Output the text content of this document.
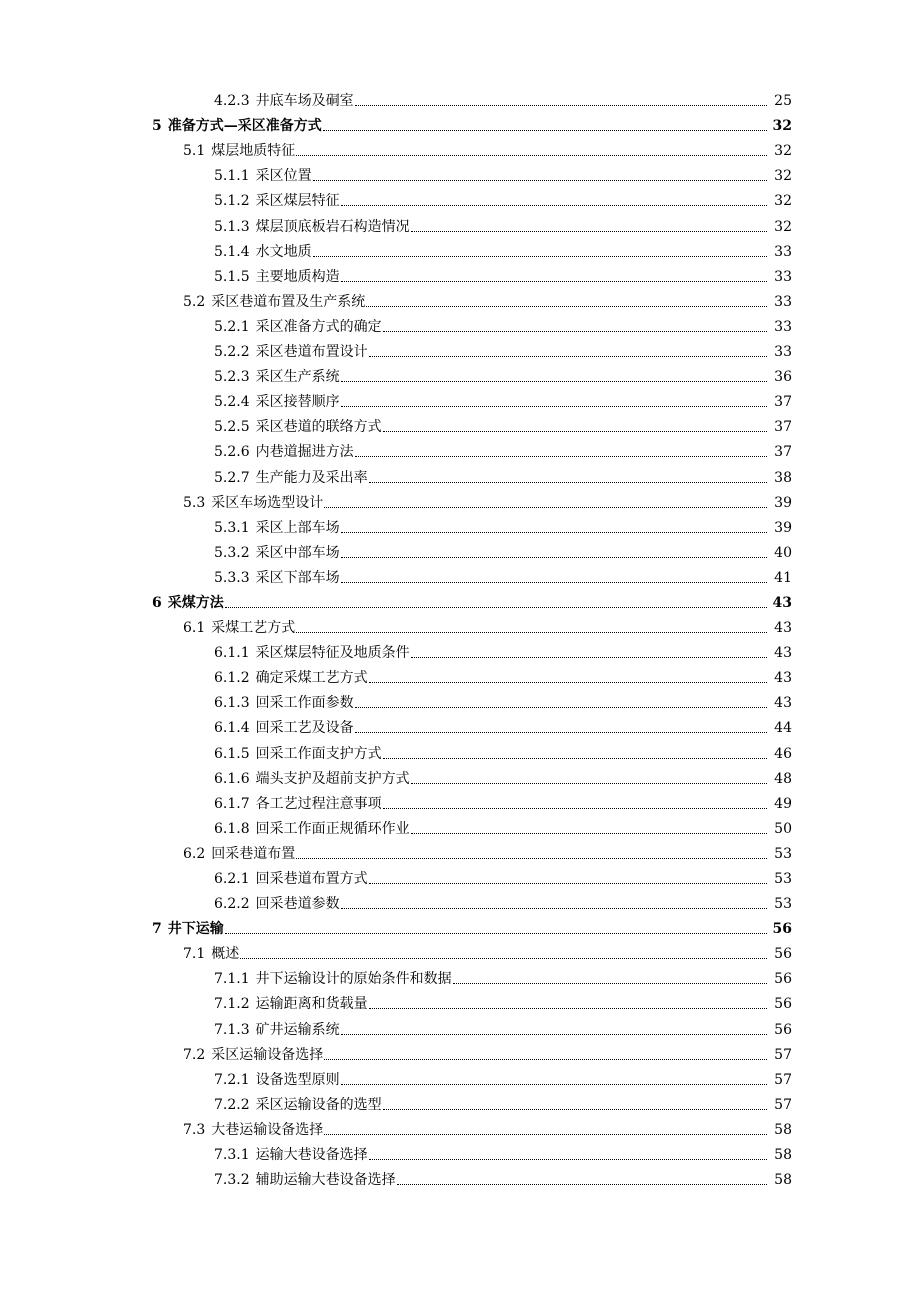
4.2.3 井底车场及硐室	25
5 准备方式—采区准备方式	32
5.1 煤层地质特征	32
5.1.1 采区位置	32
5.1.2 采区煤层特征	32
5.1.3 煤层顶底板岩石构造情况	32
5.1.4 水文地质	33
5.1.5 主要地质构造	33
5.2 采区巷道布置及生产系统	33
5.2.1 采区准备方式的确定	33
5.2.2 采区巷道布置设计	33
5.2.3 采区生产系统	36
5.2.4 采区接替顺序	37
5.2.5 采区巷道的联络方式	37
5.2.6 内巷道掘进方法	37
5.2.7 生产能力及采出率	38
5.3 采区车场选型设计	39
5.3.1 采区上部车场	39
5.3.2 采区中部车场	40
5.3.3 采区下部车场	41
6 采煤方法	43
6.1 采煤工艺方式	43
6.1.1 采区煤层特征及地质条件	43
6.1.2 确定采煤工艺方式	43
6.1.3 回采工作面参数	43
6.1.4 回采工艺及设备	44
6.1.5 回采工作面支护方式	46
6.1.6 端头支护及超前支护方式	48
6.1.7 各工艺过程注意事项	49
6.1.8 回采工作面正规循环作业	50
6.2 回采巷道布置	53
6.2.1 回采巷道布置方式	53
6.2.2 回采巷道参数	53
7 井下运输	56
7.1 概述	56
7.1.1 井下运输设计的原始条件和数据	56
7.1.2 运输距离和货载量	56
7.1.3 矿井运输系统	56
7.2 采区运输设备选择	57
7.2.1 设备选型原则	57
7.2.2 采区运输设备的选型	57
7.3 大巷运输设备选择	58
7.3.1 运输大巷设备选择	58
7.3.2 辅助运输大巷设备选择	58
